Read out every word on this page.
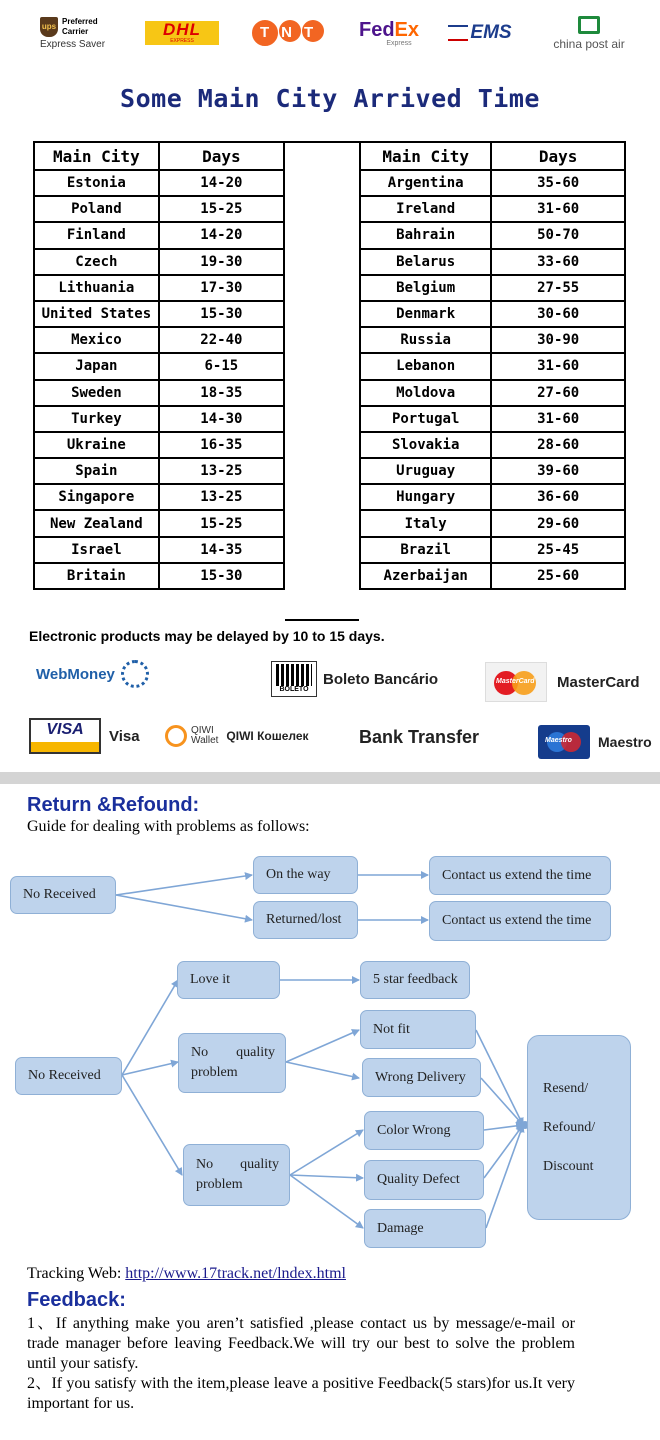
ups
Preferred
Carrier
Express Saver
DHL
EXPRESS	TNT FedEx
Express	EMS
china post air
Some Main City Arrived Time
Main City	Days
Estonia	14-20
Poland	15-25
Finland	14-20
Czech	19-30
Lithuania	17-30
United States	15-30
Mexico	22-40
Japan	6-15
Sweden	18-35
Turkey	14-30
Ukraine	16-35
Spain	13-25
Singapore	13-25
New Zealand	15-25
Israel	14-35
Britain	15-30
Main City	Days
Argentina	35-60
Ireland	31-60
Bahrain	50-70
Belarus	33-60
Belgium	27-55
Denmark	30-60
Russia	30-90
Lebanon	31-60
Moldova	27-60
Portugal	31-60
Slovakia	28-60
Uruguay	39-60
Hungary	36-60
Italy	29-60
Brazil	25-45
Azerbaijan	25-60
Electronic products may be delayed by 10 to 15 days.
WebMoney
BOLETO
Boleto Bancário	MasterCard MasterCard
VISA	Visa	QIWI
Wallet QIWI Кошелек	Bank Transfer	Maestro Maestro
Return &Refound:
Guide for dealing with problems as follows:
No Received
On the way
Returned/lost
Contact us extend the time
Contact us extend the time
No Received
Love it	5 star feedback
No quality problem
No quality problem
Not fit
Wrong Delivery
Color Wrong
Quality Defect
Damage
Resend/
Refound/
Discount
Tracking Web: http://www.17track.net/lndex.html
Feedback:
1、If anything make you aren’t satisfied ,please contact us by message/e-mail or trade manager before leaving Feedback.We will try our best to solve the problem until your satisfy.
2、If you satisfy with the item,please leave a positive Feedback(5 stars)for us.It very important for us.
